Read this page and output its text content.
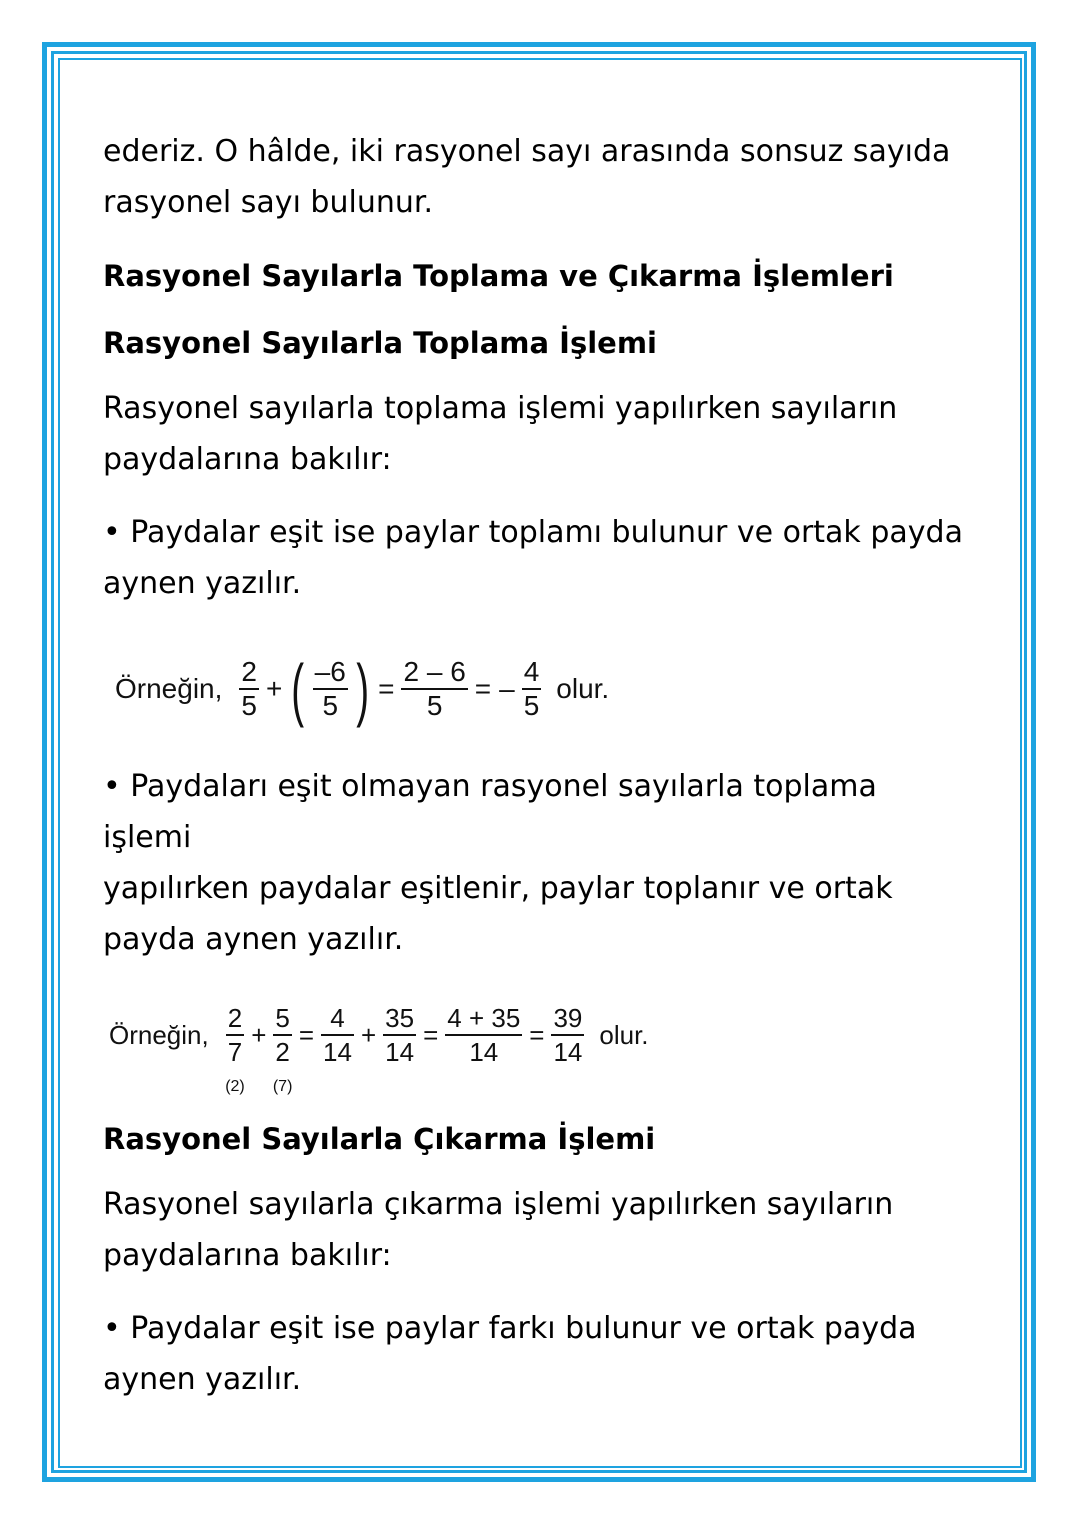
ederiz. O hâlde, iki rasyonel sayı arasında sonsuz sayıda

rasyonel sayı bulunur.

Rasyonel Sayılarla Toplama ve Çıkarma İşlemleri

Rasyonel Sayılarla Toplama İşlemi

Rasyonel sayılarla toplama işlemi yapılırken sayıların

paydalarına bakılır:

• Paydalar eşit ise paylar toplamı bulunur ve ortak payda

aynen yazılır.

Örneğin, $\frac{2}{5}$ + ( $\frac{-6}{5}$ ) = $\frac{2 - 6}{5}$ = – $\frac{4}{5}$ olur.

• Paydaları eşit olmayan rasyonel sayılarla toplama işlemi

yapılırken paydalar eşitlenir, paylar toplanır ve ortak

payda aynen yazılır.

Örneğin,
2
7
(2)
+
5
2
(7)
= $\frac{4}{14} + \frac{35}{14} = \frac{4 + 35}{14} = \frac{39}{14}$ olur.

Rasyonel Sayılarla Çıkarma İşlemi

Rasyonel sayılarla çıkarma işlemi yapılırken sayıların

paydalarına bakılır:

• Paydalar eşit ise paylar farkı bulunur ve ortak payda

aynen yazılır.
